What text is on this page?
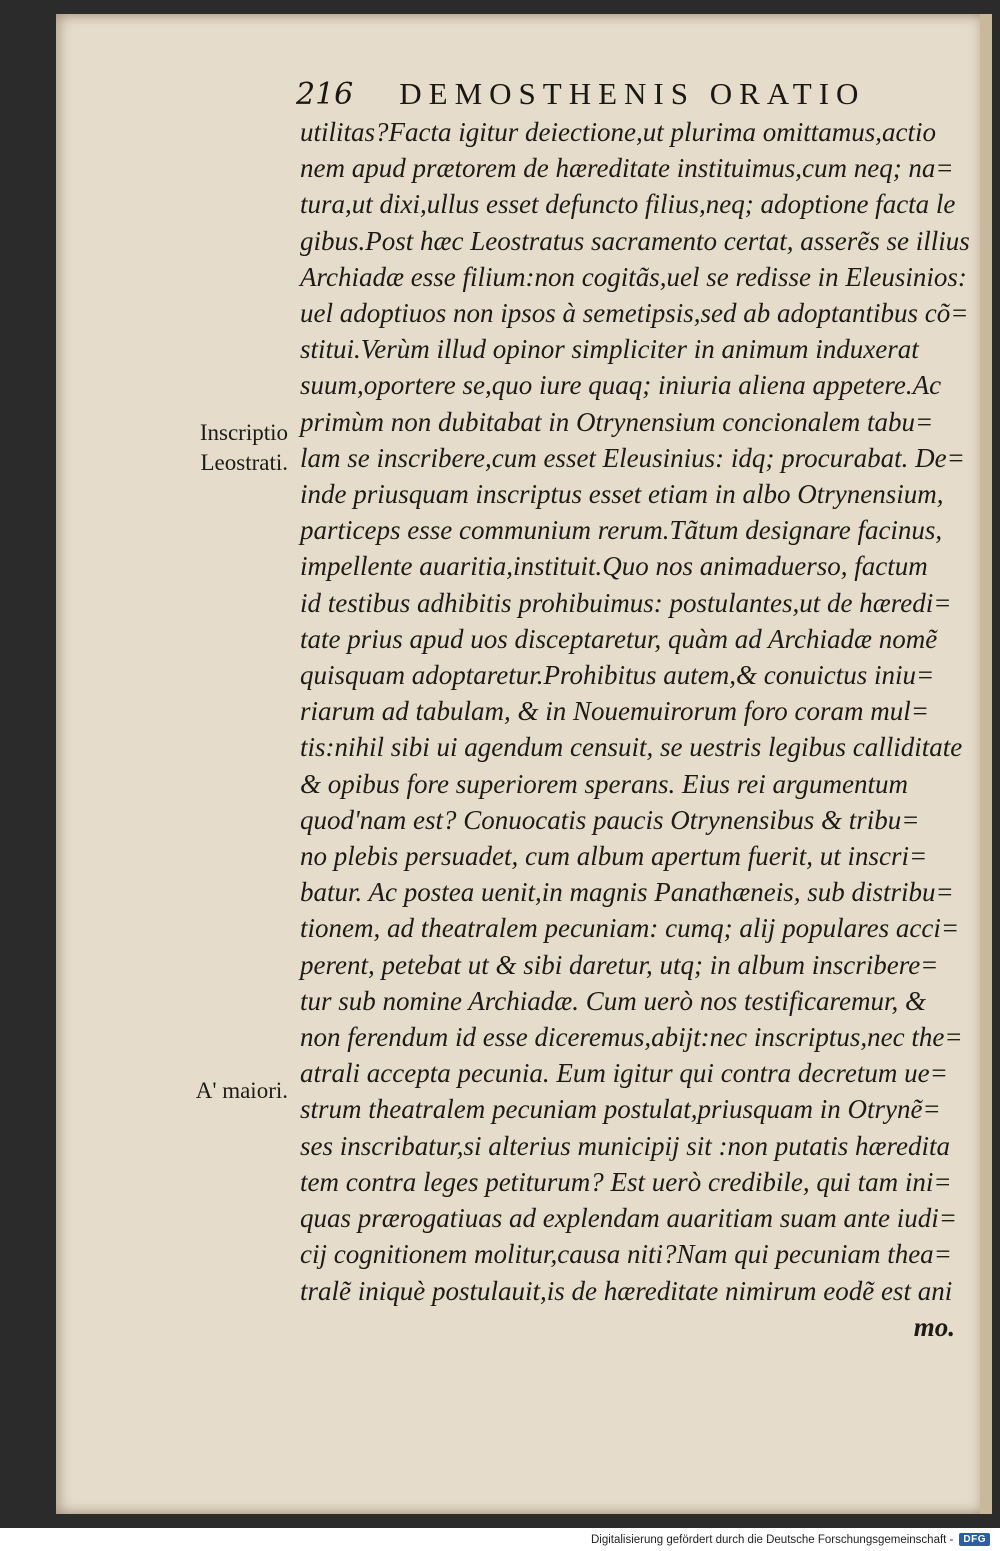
216 DEMOSTHENIS ORATIO
utilitas?Facta igitur deiectione,ut plurima omittamus,actio
nem apud prætorem de hæreditate instituimus,cum neq; na=
tura,ut dixi,ullus esset defuncto filius,neq; adoptione facta le
gibus.Post hæc Leostratus sacramento certat, asserẽs se illius
Archiadæ esse filium:non cogitãs,uel se redisse in Eleusinios:
uel adoptiuos non ipsos à semetipsis,sed ab adoptantibus cõ=
stitui.Verùm illud opinor simpliciter in animum induxerat
suum,oportere se,quo iure quaq; iniuria aliena appetere.Ac
primùm non dubitabat in Otrynensium concionalem tabu=
lam se inscribere,cum esset Eleusinius: idq; procurabat. De=
inde priusquam inscriptus esset etiam in albo Otrynensium,
particeps esse communium rerum.Tãtum designare facinus,
impellente auaritia,instituit.Quo nos animaduerso, factum
id testibus adhibitis prohibuimus: postulantes,ut de hæredi=
tate prius apud uos disceptaretur, quàm ad Archiadæ nomẽ
quisquam adoptaretur.Prohibitus autem,& conuictus iniu=
riarum ad tabulam, & in Nouemuirorum foro coram mul=
tis:nihil sibi ui agendum censuit, se uestris legibus calliditate
& opibus fore superiorem sperans. Eius rei argumentum
quod'nam est? Conuocatis paucis Otrynensibus & tribu=
no plebis persuadet, cum album apertum fuerit, ut inscri=
batur. Ac postea uenit,in magnis Panathæneis, sub distribu=
tionem, ad theatralem pecuniam: cumq; alij populares acci=
perent, petebat ut & sibi daretur, utq; in album inscribere=
tur sub nomine Archiadæ. Cum uerò nos testificaremur, &
non ferendum id esse diceremus,abijt:nec inscriptus,nec the=
atrali accepta pecunia. Eum igitur qui contra decretum ue=
strum theatralem pecuniam postulat,priusquam in Otrynẽ=
ses inscribatur,si alterius municipij sit :non putatis hæredita
tem contra leges petiturum? Est uerò credibile, qui tam ini=
quas prærogatiuas ad explendam auaritiam suam ante iudi=
cij cognitionem molitur,causa niti?Nam qui pecuniam thea=
tralẽ iniquè postulauit,is de hæreditate nimirum eodẽ est ani
mo.
Inscriptio
Leostrati.
A' maiori.
Digitalisierung gefördert durch die Deutsche Forschungsgemeinschaft -	DFG
